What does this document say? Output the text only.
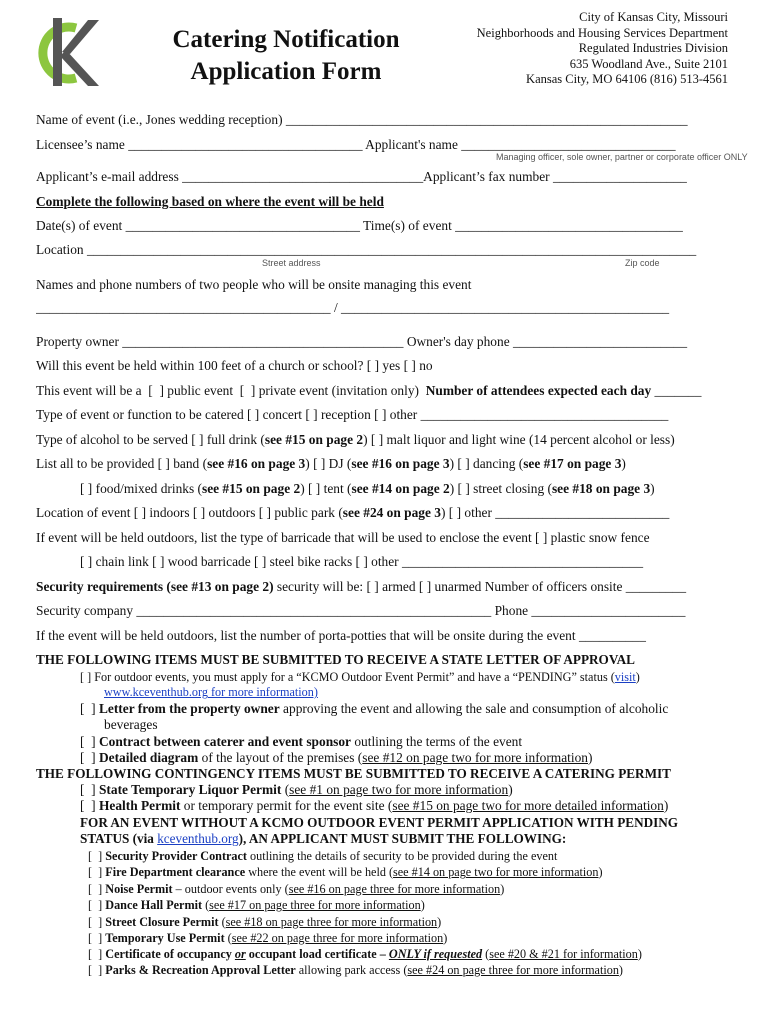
Catering Notification
Application Form
City of Kansas City, Missouri
Neighborhoods and Housing Services Department
Regulated Industries Division
635 Woodland Ave., Suite 2101
Kansas City, MO 64106 (816) 513-4561
Name of event (i.e., Jones wedding reception) ____________________________________________________________
Licensee’s name ___________________________________ Applicant's name ________________________________
Managing officer, sole owner, partner or corporate officer ONLY
Applicant’s e-mail address ____________________________________Applicant’s fax number ____________________
Complete the following based on where the event will be held
Date(s) of event ___________________________________ Time(s) of event __________________________________
Location ___________________________________________________________________________________________
Street address	Zip code
Names and phone numbers of two people who will be onsite managing this event
____________________________________________ / _________________________________________________
Property owner __________________________________________ Owner's day phone __________________________
Will this event be held within 100 feet of a church or school? [ ] yes [ ] no
This event will be a  [  ] public event  [  ] private event (invitation only)  Number of attendees expected each day _______
Type of event or function to be catered [ ] concert [ ] reception [ ] other _____________________________________
Type of alcohol to be served [ ] full drink (see #15 on page 2) [ ] malt liquor and light wine (14 percent alcohol or less)
List all to be provided [ ] band (see #16 on page 3) [ ] DJ (see #16 on page 3) [ ] dancing (see #17 on page 3)
[ ] food/mixed drinks (see #15 on page 2) [ ] tent (see #14 on page 2) [ ] street closing (see #18 on page 3)
Location of event [ ] indoors [ ] outdoors [ ] public park (see #24 on page 3) [ ] other __________________________
If event will be held outdoors, list the type of barricade that will be used to enclose the event [ ] plastic snow fence
[ ] chain link [ ] wood barricade [ ] steel bike racks [ ] other ____________________________________
Security requirements (see #13 on page 2) security will be: [ ] armed [ ] unarmed Number of officers onsite _________
Security company _____________________________________________________ Phone _______________________
If the event will be held outdoors, list the number of porta-potties that will be onsite during the event __________
THE FOLLOWING ITEMS MUST BE SUBMITTED TO RECEIVE A STATE LETTER OF APPROVAL
[ ] For outdoor events, you must apply for a “KCMO Outdoor Event Permit” and have a “PENDING” status (visit)
www.kceventhub.org for more information)
[  ] Letter from the property owner approving the event and allowing the sale and consumption of alcoholic
beverages
[  ] Contract between caterer and event sponsor outlining the terms of the event
[  ] Detailed diagram of the layout of the premises (see #12 on page two for more information)
THE FOLLOWING CONTINGENCY ITEMS MUST BE SUBMITTED TO RECEIVE A CATERING PERMIT
[  ] State Temporary Liquor Permit (see #1 on page two for more information)
[  ] Health Permit or temporary permit for the event site (see #15 on page two for more detailed information)
FOR AN EVENT WITHOUT A KCMO OUTDOOR EVENT PERMIT APPLICATION WITH PENDING
STATUS (via kceventhub.org), AN APPLICANT MUST SUBMIT THE FOLLOWING:
[  ] Security Provider Contract outlining the details of security to be provided during the event
[  ] Fire Department clearance where the event will be held (see #14 on page two for more information)
[  ] Noise Permit – outdoor events only (see #16 on page three for more information)
[  ] Dance Hall Permit (see #17 on page three for more information)
[  ] Street Closure Permit (see #18 on page three for more information)
[  ] Temporary Use Permit (see #22 on page three for more information)
[  ] Certificate of occupancy or occupant load certificate – ONLY if requested (see #20 & #21 for information)
[  ] Parks & Recreation Approval Letter allowing park access (see #24 on page three for more information)
